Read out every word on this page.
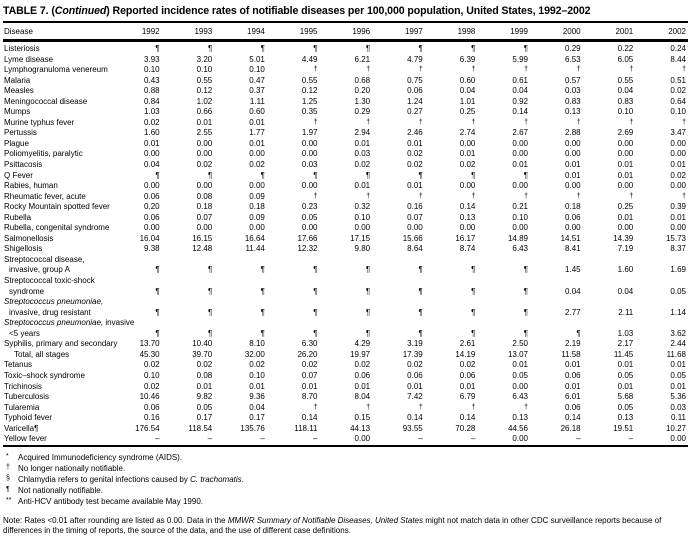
TABLE 7. (Continued) Reported incidence rates of notifiable diseases per 100,000 population, United States, 1992–2002
Disease	1992	1993	1994	1995	1996	1997	1998	1999	2000	2001	2002
Listeriosis	¶	¶	¶	¶	¶	¶	¶	¶	0.29	0.22	0.24
Lyme disease	3.93	3.20	5.01	4.49	6.21	4.79	6.39	5.99	6.53	6.05	8.44
Lymphogranuloma venereum	0.10	0.10	0.10	†	†	†	†	†	†	†	†
Malaria	0.43	0.55	0.47	0.55	0.68	0.75	0.60	0.61	0.57	0.55	0.51
Measles	0.88	0.12	0.37	0.12	0.20	0.06	0.04	0.04	0.03	0.04	0.02
Meningococcal disease	0.84	1.02	1.11	1.25	1.30	1.24	1.01	0.92	0.83	0.83	0.64
Mumps	1.03	0.66	0.60	0.35	0.29	0.27	0.25	0.14	0.13	0.10	0.10
Murine typhus fever	0.02	0.01	0.01	†	†	†	†	†	†	†	†
Pertussis	1.60	2.55	1.77	1.97	2.94	2.46	2.74	2.67	2.88	2.69	3.47
Plague	0.01	0.00	0.01	0.00	0.01	0.01	0.00	0.00	0.00	0.00	0.00
Poliomyelitis, paralytic	0.00	0.00	0.00	0.00	0.03	0.02	0.01	0.00	0.00	0.00	0.00
Psittacosis	0.04	0.02	0.02	0.03	0.02	0.02	0.02	0.01	0.01	0.01	0.01
Q Fever	¶	¶	¶	¶	¶	¶	¶	¶	0.01	0.01	0.02
Rabies, human	0.00	0.00	0.00	0.00	0.01	0.01	0.00	0.00	0.00	0.00	0.00
Rheumatic fever, acute	0.06	0.08	0.09	†	†	†	†	†	†	†	†
Rocky Mountain spotted fever	0.20	0.18	0.18	0.23	0.32	0.16	0.14	0.21	0.18	0.25	0.39
Rubella	0.06	0.07	0.09	0.05	0.10	0.07	0.13	0.10	0.06	0.01	0.01
Rubella, congenital syndrome	0.00	0.00	0.00	0.00	0.00	0.00	0.00	0.00	0.00	0.00	0.00
Salmonellosis	16.04	16.15	16.64	17.66	17.15	15.66	16.17	14.89	14.51	14.39	15.73
Shigellosis	9.38	12.48	11.44	12.32	9.80	8.64	8.74	6.43	8.41	7.19	8.37
Streptococcal disease,											
invasive, group A	¶	¶	¶	¶	¶	¶	¶	¶	1.45	1.60	1.69
Streptococcal toxic-shock											
syndrome	¶	¶	¶	¶	¶	¶	¶	¶	0.04	0.04	0.05
Streptococcus pneumoniae,											
invasive, drug resistant	¶	¶	¶	¶	¶	¶	¶	¶	2.77	2.11	1.14
Streptococcus pneumoniae, invasive											
<5 years	¶	¶	¶	¶	¶	¶	¶	¶	¶	1.03	3.62
Syphilis, primary and secondary	13.70	10.40	8.10	6.30	4.29	3.19	2.61	2.50	2.19	2.17	2.44
Total, all stages	45.30	39.70	32.00	26.20	19.97	17.39	14.19	13.07	11.58	11.45	11.68
Tetanus	0.02	0.02	0.02	0.02	0.02	0.02	0.02	0.01	0.01	0.01	0.01
Toxic–shock syndrome	0.10	0.08	0.10	0.07	0.06	0.06	0.06	0.05	0.06	0.05	0.05
Trichinosis	0.02	0.01	0.01	0.01	0.01	0.01	0.01	0.00	0.01	0.01	0.01
Tuberculosis	10.46	9.82	9.36	8.70	8.04	7.42	6.79	6.43	6.01	5.68	5.36
Tularemia	0.06	0.05	0.04	†	†	†	†	†	0.06	0.05	0.03
Typhoid fever	0.16	0.17	0.17	0.14	0.15	0.14	0.14	0.13	0.14	0.13	0.11
Varicella¶	176.54	118.54	135.76	118.11	44.13	93.55	70.28	44.56	26.18	19.51	10.27
Yellow fever	–	–	–	–	0.00	–	–	0.00	–	–	0.00
* Acquired Immunodeficiency syndrome (AIDS).
† No longer nationally notifiable.
§ Chlamydia refers to genital infections caused by C. trachomatis.
¶ Not nationally notifiable.
** Anti-HCV antibody test became available May 1990.
Note: Rates <0.01 after rounding are listed as 0.00. Data in the MMWR Summary of Notifiable Diseases, United States might not match data in other CDC surveillance reports because of differences in the timing of reports, the source of the data, and the use of different case definitions.
